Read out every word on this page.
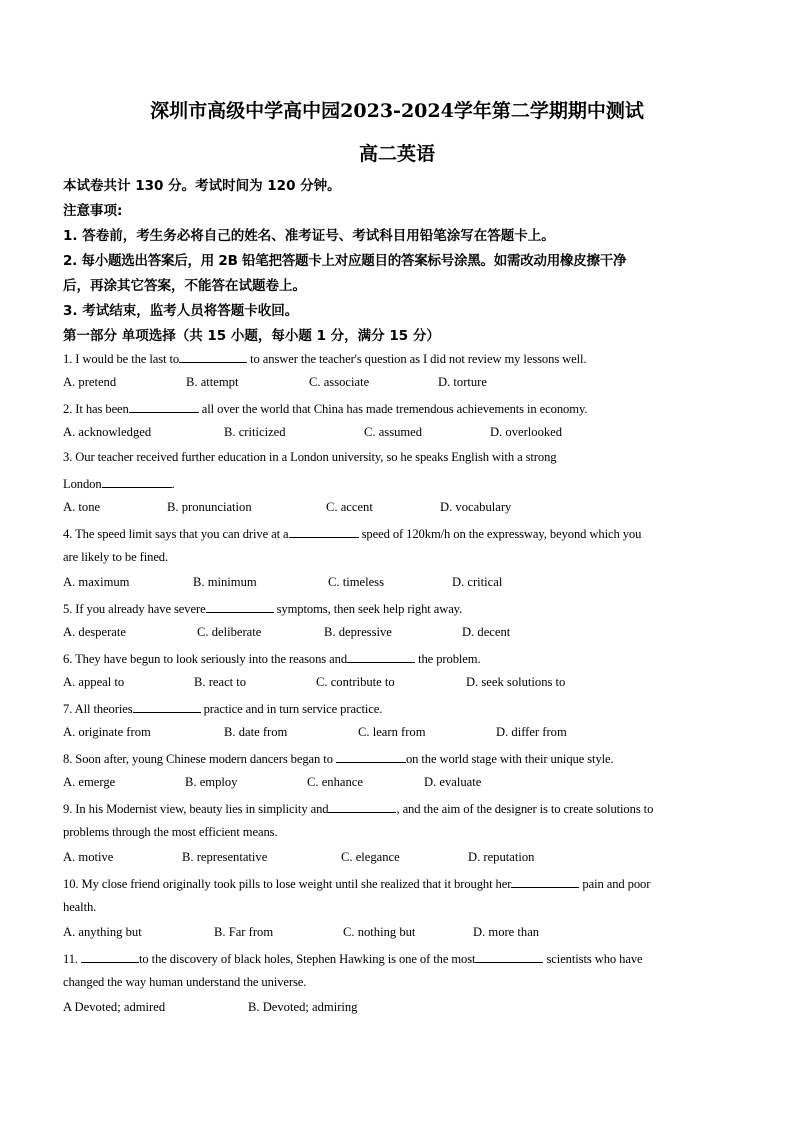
深圳市高级中学高中园2023-2024学年第二学期期中测试
高二英语
本试卷共计 130 分。考试时间为 120 分钟。
注意事项:
1. 答卷前，考生务必将自己的姓名、准考证号、考试科目用铅笔涂写在答题卡上。
2. 每小题选出答案后，用 2B 铅笔把答题卡上对应题目的答案标号涂黑。如需改动用橡皮擦干净
后，再涂其它答案，不能答在试题卷上。
3. 考试结束，监考人员将答题卡收回。
第一部分 单项选择（共 15 小题，每小题 1 分，满分 15 分）
1. I would be the last to	to answer the teacher's question as I did not review my lessons well.
A. pretend	B. attempt	C. associate	D. torture
2. It has been	all over the world that China has made tremendous achievements in economy.
A. acknowledged	B. criticized	C. assumed	D. overlooked
3. Our teacher received further education in a London university, so he speaks English with a strong
London	.
A. tone	B. pronunciation	C. accent	D. vocabulary
4. The speed limit says that you can drive at a	speed of 120km/h on the expressway, beyond which you
are likely to be fined.
A. maximum	B. minimum	C. timeless	D. critical
5. If you already have severe	symptoms, then seek help right away.
A. desperate	C. deliberate	B. depressive	D. decent
6. They have begun to look seriously into the reasons and	the problem.
A. appeal to	B. react to	C. contribute to	D. seek solutions to
7. All theories	practice and in turn service practice.
A. originate from	B. date from	C. learn from	D. differ from
8. Soon after, young Chinese modern dancers began to	on the world stage with their unique style.
A. emerge	B. employ	C. enhance	D. evaluate
9. In his Modernist view, beauty lies in simplicity and	, and the aim of the designer is to create solutions to
problems through the most efficient means.
A. motive	B. representative	C. elegance	D. reputation
10. My close friend originally took pills to lose weight until she realized that it brought her	pain and poor
health.
A. anything but	B. Far from	C. nothing but	D. more than
11.	to the discovery of black holes, Stephen Hawking is one of the most	scientists who have
changed the way human understand the universe.
A Devoted; admired	B. Devoted; admiring
